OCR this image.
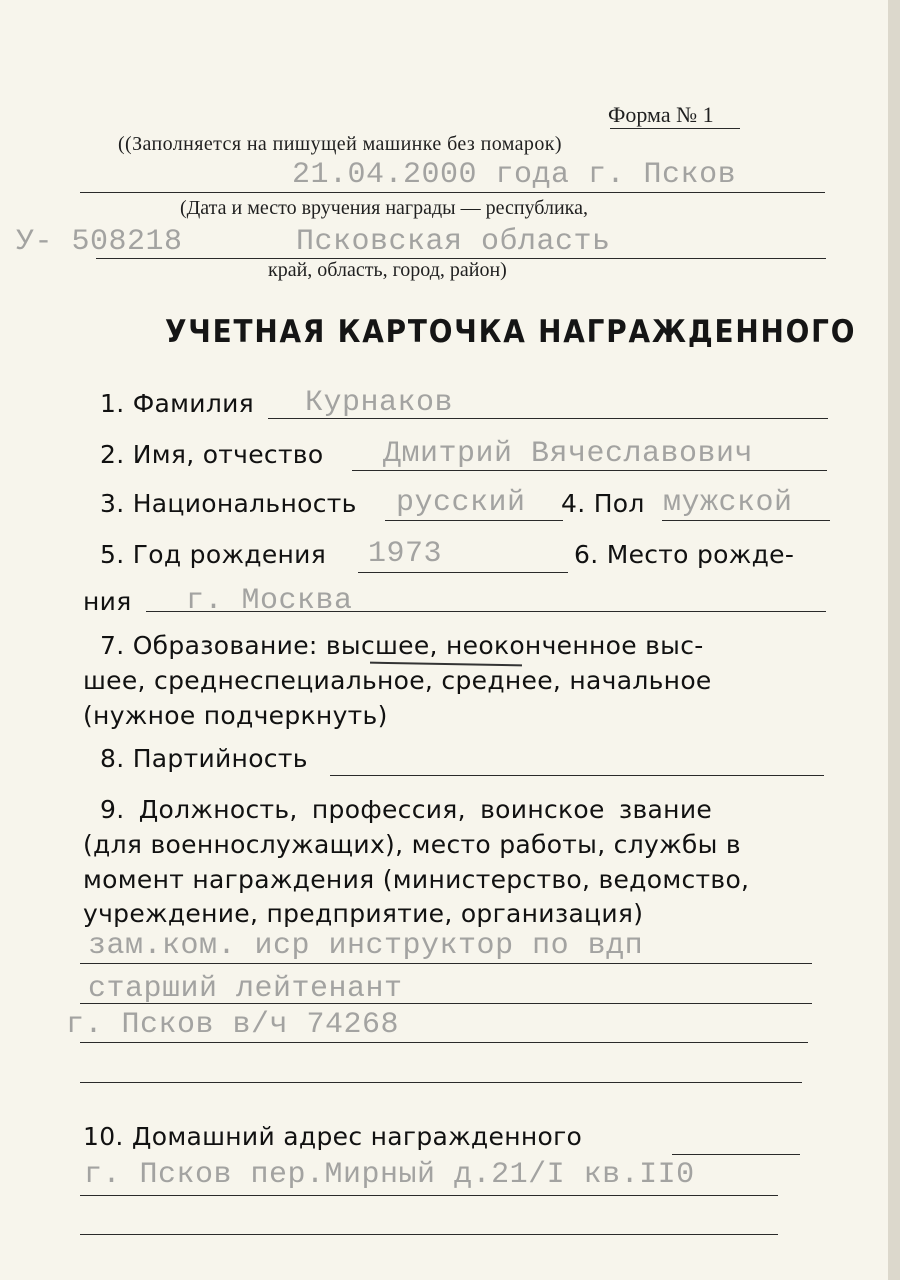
Форма № 1
((Заполняется на пишущей машинке без помарок)
21.04.2000 года г. Псков
(Дата и место вручения награды — республика,
У- 508218	Псковская область
край, область, город, район)
УЧЕТНАЯ КАРТОЧКА НАГРАЖДЕННОГО
1. Фамилия Курнаков
2. Имя, отчество Дмитрий Вячеславович
3. Национальность русский 4. Пол мужской
5. Год рождения 1973	6. Место рожде-
ния г. Москва
7. Образование: высшее, неоконченное выс-
шее, среднеспециальное, среднее, начальное
(нужное подчеркнуть)
8. Партийность
9. Должность, профессия, воинское звание
(для военнослужащих), место работы, службы в
момент награждения (министерство, ведомство,
учреждение, предприятие, организация)
зам.ком. иср инструктор по вдп
старший лейтенант
г. Псков в/ч 74268
10. Домашний адрес награжденного
г. Псков пер.Мирный д.21/I кв.II0
